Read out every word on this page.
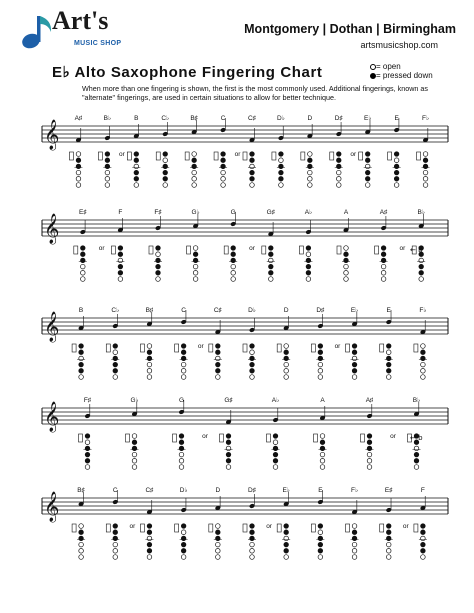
Art's
MUSIC SHOP
Montgomery | Dothan | Birmingham
artsmusicshop.com
E♭ Alto Saxophone Fingering Chart	= open
= pressed down
When more than one fingering is shown, the first is the most commonly used. Additional fingerings, known as "alternate" fingerings, are used in certain situations to allow for better technique.
𝄞
A♯	B♭
or
B	C♭	B♯	C
or
C♯	D♭	D	D♯
or
E♭	E	F♭
𝄞
E♯
or
F	F♯	G♭	G
or
G♯	A♭	A	A♯
or
B♭
← b
𝄞
B	C♭	B♯	C
or
C♯	D♭	D	D♯
or
E♭	E	F♭
𝄞
F♯	G♭	G
or
G♯	A♭	A	A♯
or
B♭
← b
𝄞
B♯	C
or
C♯	D♭	D	D♯
or
E♭	E	F♭	E♯
or
F
